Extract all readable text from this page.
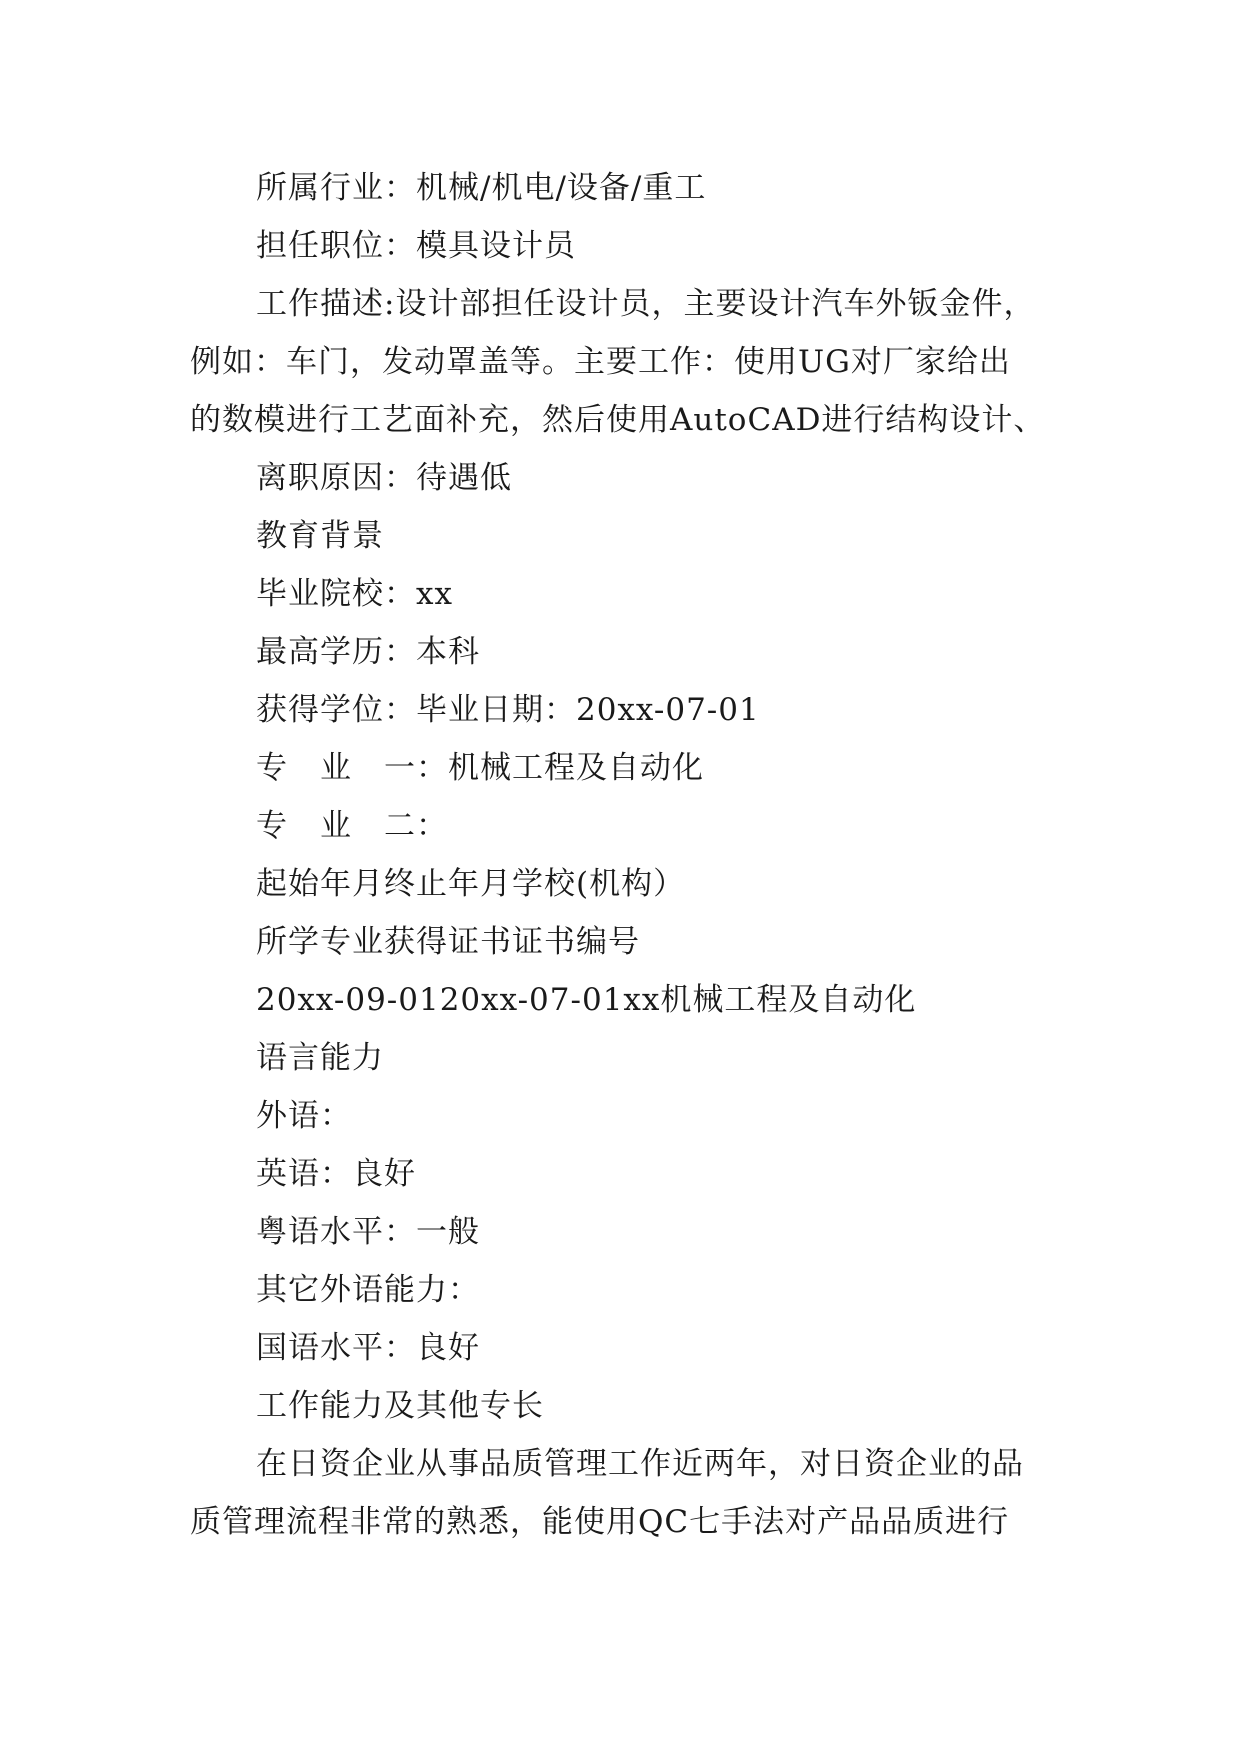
所属行业：机械/机电/设备/重工
担任职位：模具设计员
工作描述:设计部担任设计员，主要设计汽车外钣金件，
例如：车门，发动罩盖等。主要工作：使用UG对厂家给出
的数模进行工艺面补充，然后使用AutoCAD进行结构设计、
离职原因：待遇低
教育背景
毕业院校：xx
最高学历：本科
获得学位：毕业日期：20xx-07-01
专　业　一：机械工程及自动化
专　业　二：
起始年月终止年月学校(机构）
所学专业获得证书证书编号
20xx-09-0120xx-07-01xx机械工程及自动化
语言能力
外语：
英语：良好
粤语水平：一般
其它外语能力：
国语水平：良好
工作能力及其他专长
在日资企业从事品质管理工作近两年，对日资企业的品
质管理流程非常的熟悉，能使用QC七手法对产品品质进行
